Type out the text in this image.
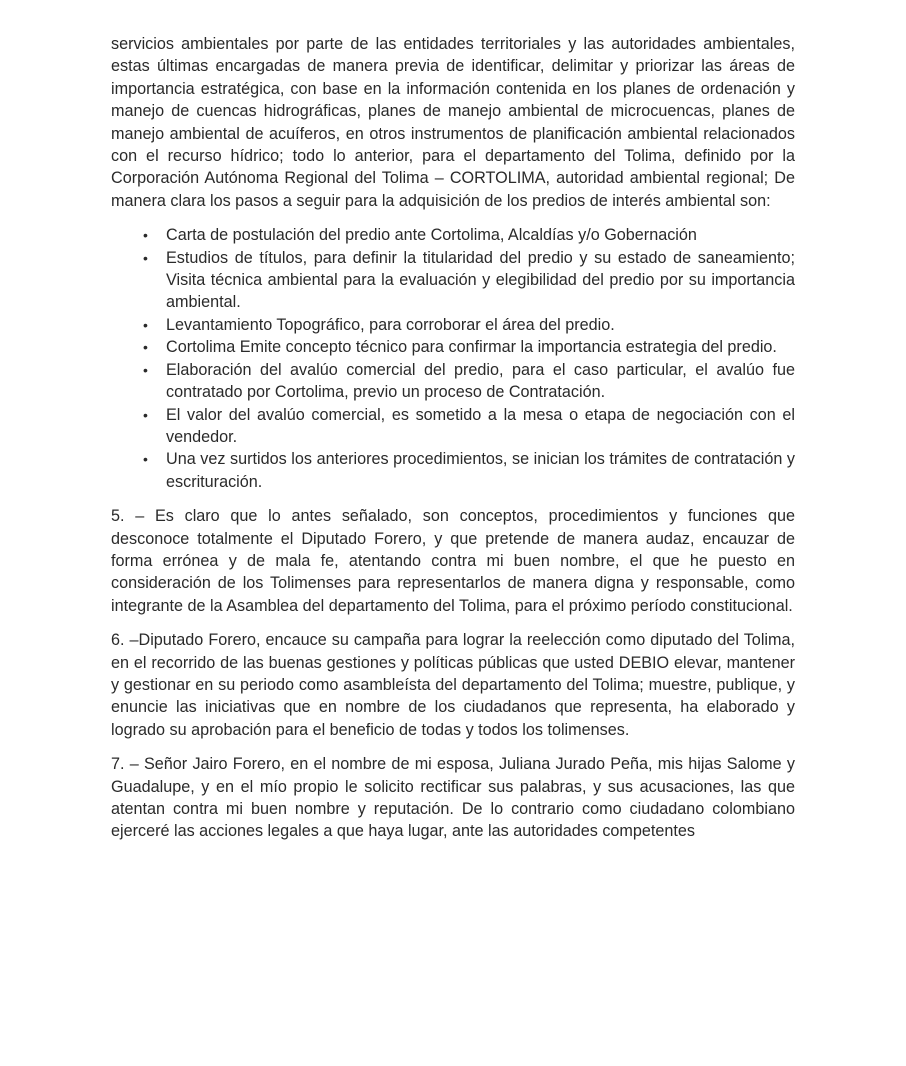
servicios ambientales por parte de las entidades territoriales y las autoridades ambientales, estas últimas encargadas de manera previa de identificar, delimitar y priorizar las áreas de importancia estratégica, con base en la información contenida en los planes de ordenación y manejo de cuencas hidrográficas, planes de manejo ambiental de microcuencas, planes de manejo ambiental de acuíferos, en otros instrumentos de planificación ambiental relacionados con el recurso hídrico; todo lo anterior, para el departamento del Tolima, definido por la Corporación Autónoma Regional del Tolima – CORTOLIMA, autoridad ambiental regional; De manera clara los pasos a seguir para la adquisición de los predios de interés ambiental son:

• Carta de postulación del predio ante Cortolima, Alcaldías y/o Gobernación
• Estudios de títulos, para definir la titularidad del predio y su estado de saneamiento; Visita técnica ambiental para la evaluación y elegibilidad del predio por su importancia ambiental.
• Levantamiento Topográfico, para corroborar el área del predio.
• Cortolima Emite concepto técnico para confirmar la importancia estrategia del predio.
• Elaboración del avalúo comercial del predio, para el caso particular, el avalúo fue contratado por Cortolima, previo un proceso de Contratación.
• El valor del avalúo comercial, es sometido a la mesa o etapa de negociación con el vendedor.
• Una vez surtidos los anteriores procedimientos, se inician los trámites de contratación y escrituración.

5. – Es claro que lo antes señalado, son conceptos, procedimientos y funciones que desconoce totalmente el Diputado Forero, y que pretende de manera audaz, encauzar de forma errónea y de mala fe, atentando contra mi buen nombre, el que he puesto en consideración de los Tolimenses para representarlos de manera digna y responsable, como integrante de la Asamblea del departamento del Tolima, para el próximo período constitucional.

6. –Diputado Forero, encauce su campaña para lograr la reelección como diputado del Tolima, en el recorrido de las buenas gestiones y políticas públicas que usted DEBIO elevar, mantener y gestionar en su periodo como asambleísta del departamento del Tolima; muestre, publique, y enuncie las iniciativas que en nombre de los ciudadanos que representa, ha elaborado y logrado su aprobación para el beneficio de todas y todos los tolimenses.

7. – Señor Jairo Forero, en el nombre de mi esposa, Juliana Jurado Peña, mis hijas Salome y Guadalupe, y en el mío propio le solicito rectificar sus palabras, y sus acusaciones, las que atentan contra mi buen nombre y reputación. De lo contrario como ciudadano colombiano ejerceré las acciones legales a que haya lugar, ante las autoridades competentes
